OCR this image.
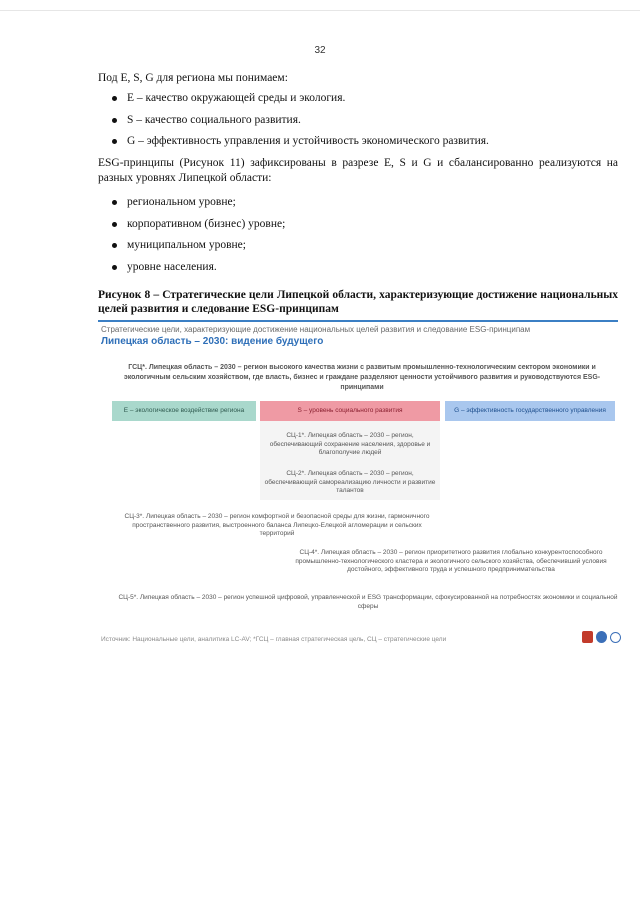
32
Под E, S, G для региона мы понимаем:
E – качество окружающей среды и экология.
S – качество социального развития.
G – эффективность управления и устойчивость экономического развития.
ESG-принципы (Рисунок 11) зафиксированы в разрезе E, S и G и сбалансированно реализуются на разных уровнях Липецкой области:
региональном уровне;
корпоративном (бизнес) уровне;
муниципальном уровне;
уровне населения.
Рисунок 8 – Стратегические цели Липецкой области, характеризующие достижение национальных целей развития и следование ESG-принципам
Стратегические цели, характеризующие достижение национальных целей развития и следование ESG-принципам
Липецкая область – 2030: видение будущего
ГСЦ*. Липецкая область – 2030 – регион высокого качества жизни с развитым промышленно-технологическим сектором экономики и экологичным сельским хозяйством, где власть, бизнес и граждане разделяют ценности устойчивого развития и руководствуются ESG-принципами
E – экологическое воздействие региона	S – уровень социального развития	G – эффективность государственного управления
СЦ-1*. Липецкая область – 2030 – регион, обеспечивающий сохранение населения, здоровье и благополучие людей
СЦ-2*. Липецкая область – 2030 – регион, обеспечивающий самореализацию личности и развитие талантов
СЦ-3*. Липецкая область – 2030 – регион комфортной и безопасной среды для жизни, гармоничного пространственного развития, выстроенного баланса Липецко-Елецкой агломерации и сельских территорий
СЦ-4*. Липецкая область – 2030 – регион приоритетного развития глобально конкурентоспособного промышленно-технологического кластера и экологичного сельского хозяйства, обеспечивший условия достойного, эффективного труда и успешного предпринимательства
СЦ-5*. Липецкая область – 2030 – регион успешной цифровой, управленческой и ESG трансформации, сфокусированной на потребностях экономики и социальной сферы
Источник: Национальные цели, аналитика LC-AV; *ГСЦ – главная стратегическая цель, СЦ – стратегические цели
